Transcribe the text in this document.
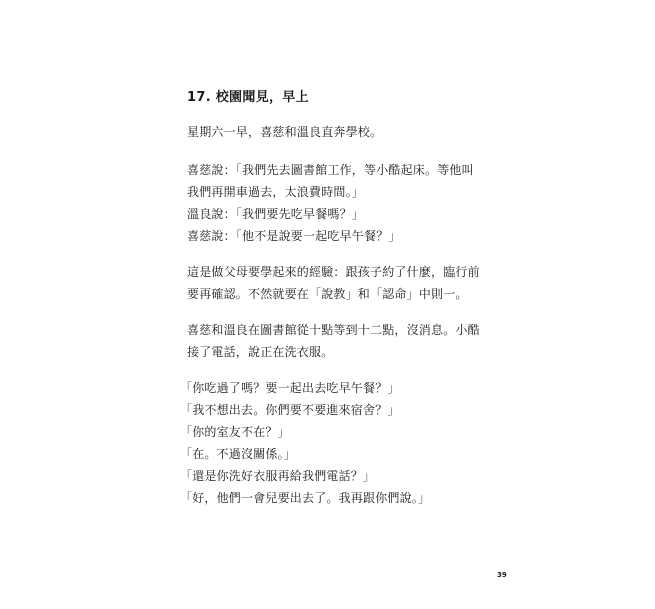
17. 校園聞見，早上
星期六一早，喜慈和溫良直奔學校。
喜慈說：「我們先去圖書館工作，等小酷起床。等他叫
我們再開車過去，太浪費時間。」
溫良說：「我們要先吃早餐嗎？」
喜慈說：「他不是說要一起吃早午餐？」
這是做父母要學起來的經驗：跟孩子約了什麼，臨行前
要再確認。不然就要在「說教」和「認命」中則一。
喜慈和溫良在圖書館從十點等到十二點，沒消息。小酷
接了電話，說正在洗衣服。
「你吃過了嗎？要一起出去吃早午餐？」
「我不想出去。你們要不要進來宿舍？」
「你的室友不在？」
「在。不過沒關係。」
「還是你洗好衣服再給我們電話？」
「好，他們一會兒要出去了。我再跟你們說。」
39
